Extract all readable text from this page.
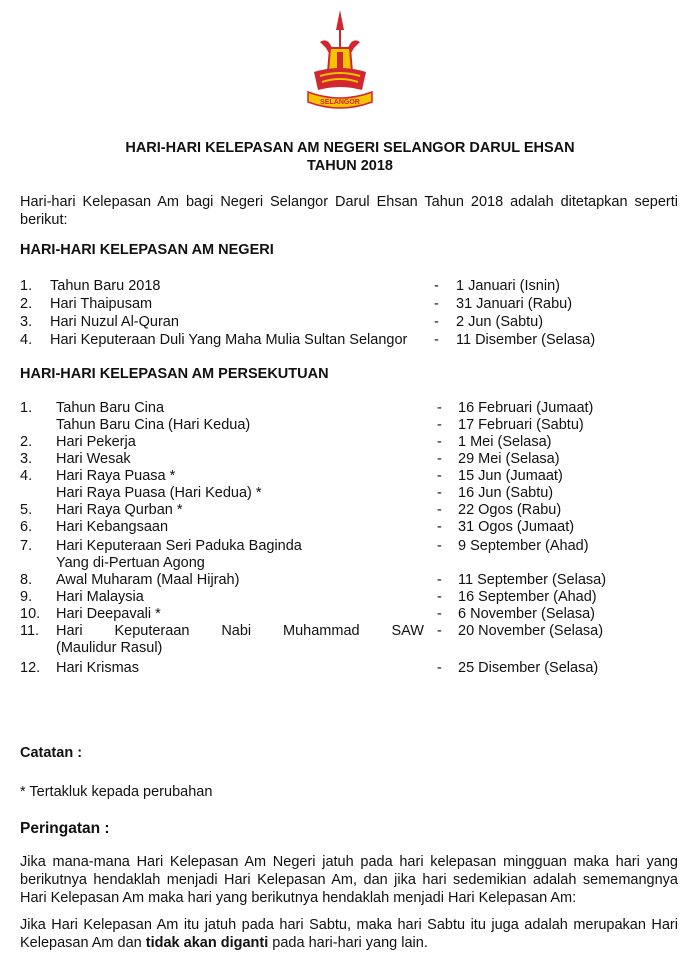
SELANGOR
HARI-HARI KELEPASAN AM NEGERI SELANGOR DARUL EHSAN
TAHUN 2018
Hari-hari Kelepasan Am bagi Negeri Selangor Darul Ehsan Tahun 2018 adalah ditetapkan seperti berikut:
HARI-HARI KELEPASAN AM NEGERI
1. Tahun Baru 2018	- 1 Januari (Isnin)
2. Hari Thaipusam	- 31 Januari (Rabu)
3. Hari Nuzul Al-Quran	- 2 Jun (Sabtu)
4. Hari Keputeraan Duli Yang Maha Mulia Sultan Selangor - 11 Disember (Selasa)
HARI-HARI KELEPASAN AM PERSEKUTUAN
1. Tahun Baru Cina	- 16 Februari (Jumaat)
Tahun Baru Cina (Hari Kedua)	- 17 Februari (Sabtu)
2. Hari Pekerja	- 1 Mei (Selasa)
3. Hari Wesak	- 29 Mei (Selasa)
4. Hari Raya Puasa *	- 15 Jun (Jumaat)
Hari Raya Puasa (Hari Kedua) *	- 16 Jun (Sabtu)
5. Hari Raya Qurban *	- 22 Ogos (Rabu)
6. Hari Kebangsaan	- 31 Ogos (Jumaat)
7. Hari Keputeraan Seri Paduka Baginda	- 9 September (Ahad)
Yang di-Pertuan Agong
8. Awal Muharam (Maal Hijrah)	- 11 September (Selasa)
9. Hari Malaysia	- 16 September (Ahad)
10. Hari Deepavali *	- 6 November (Selasa)
11. Hari Keputeraan Nabi Muhammad SAW - 20 November (Selasa)
(Maulidur Rasul)
12. Hari Krismas	- 25 Disember (Selasa)
Catatan :
* Tertakluk kepada perubahan
Peringatan :
Jika mana-mana Hari Kelepasan Am Negeri jatuh pada hari kelepasan mingguan maka hari yang berikutnya hendaklah menjadi Hari Kelepasan Am, dan jika hari sedemikian adalah sememangnya Hari Kelepasan Am maka hari yang berikutnya hendaklah menjadi Hari Kelepasan Am:
Jika Hari Kelepasan Am itu jatuh pada hari Sabtu, maka hari Sabtu itu juga adalah merupakan Hari Kelepasan Am dan tidak akan diganti pada hari-hari yang lain.
